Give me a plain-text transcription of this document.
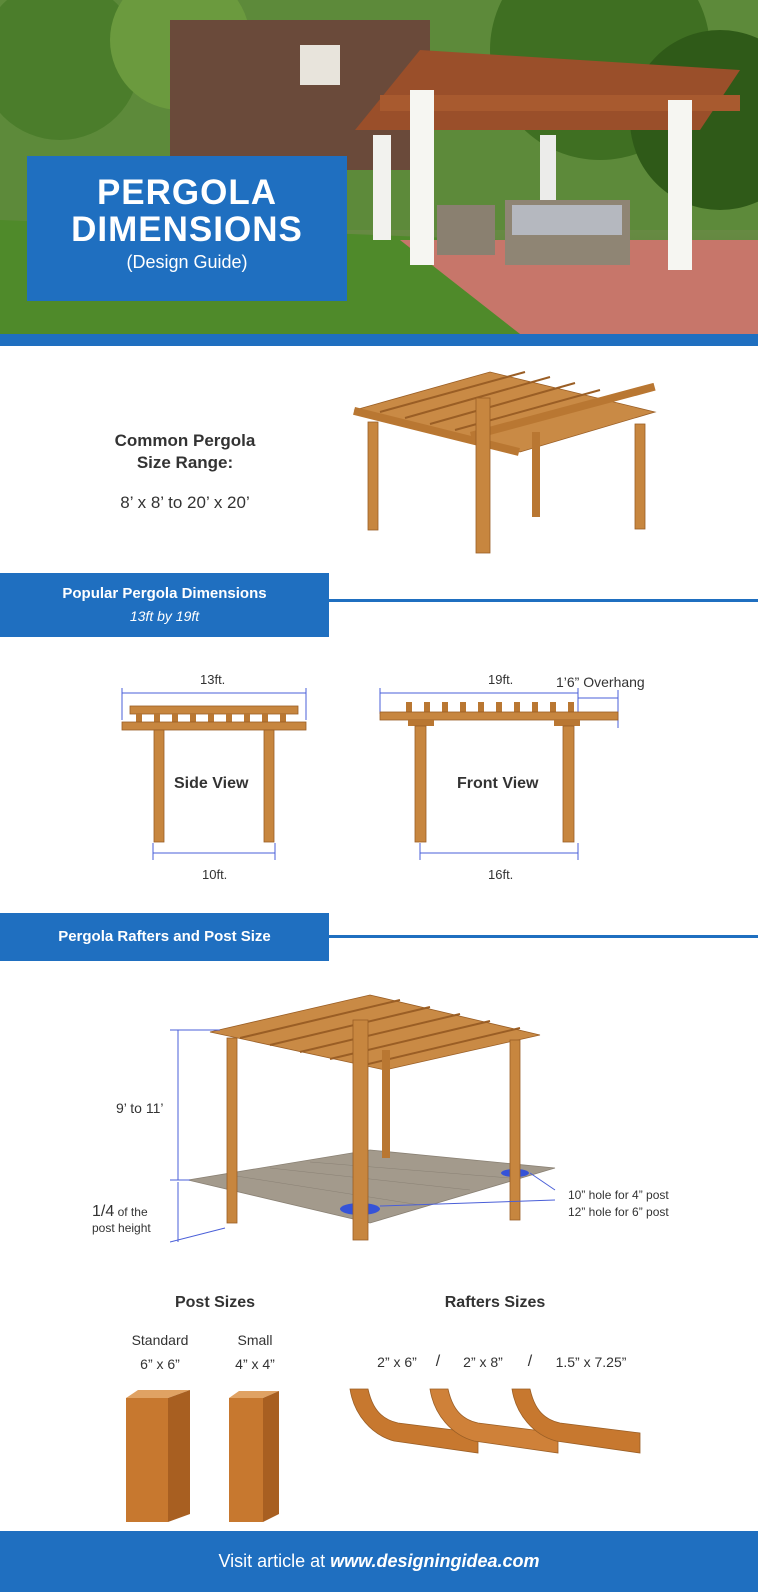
PERGOLA
DIMENSIONS
(Design Guide)
Common Pergola
Size Range:
8’ x 8’ to 20’ x 20’
Popular Pergola Dimensions
13ft by 19ft
13ft.
Side View
10ft.
19ft.	1’6” Overhang
Front View
16ft.
Pergola Rafters and Post Size
9’ to 11’
1/4 of the
post height
10” hole for 4” post
12” hole for 6” post
Post Sizes
Standard
6” x 6”
Small
4” x 4”
Rafters Sizes
2” x 6”	/	2” x 8”	/	1.5” x 7.25”
Visit article at www.designingidea.com
